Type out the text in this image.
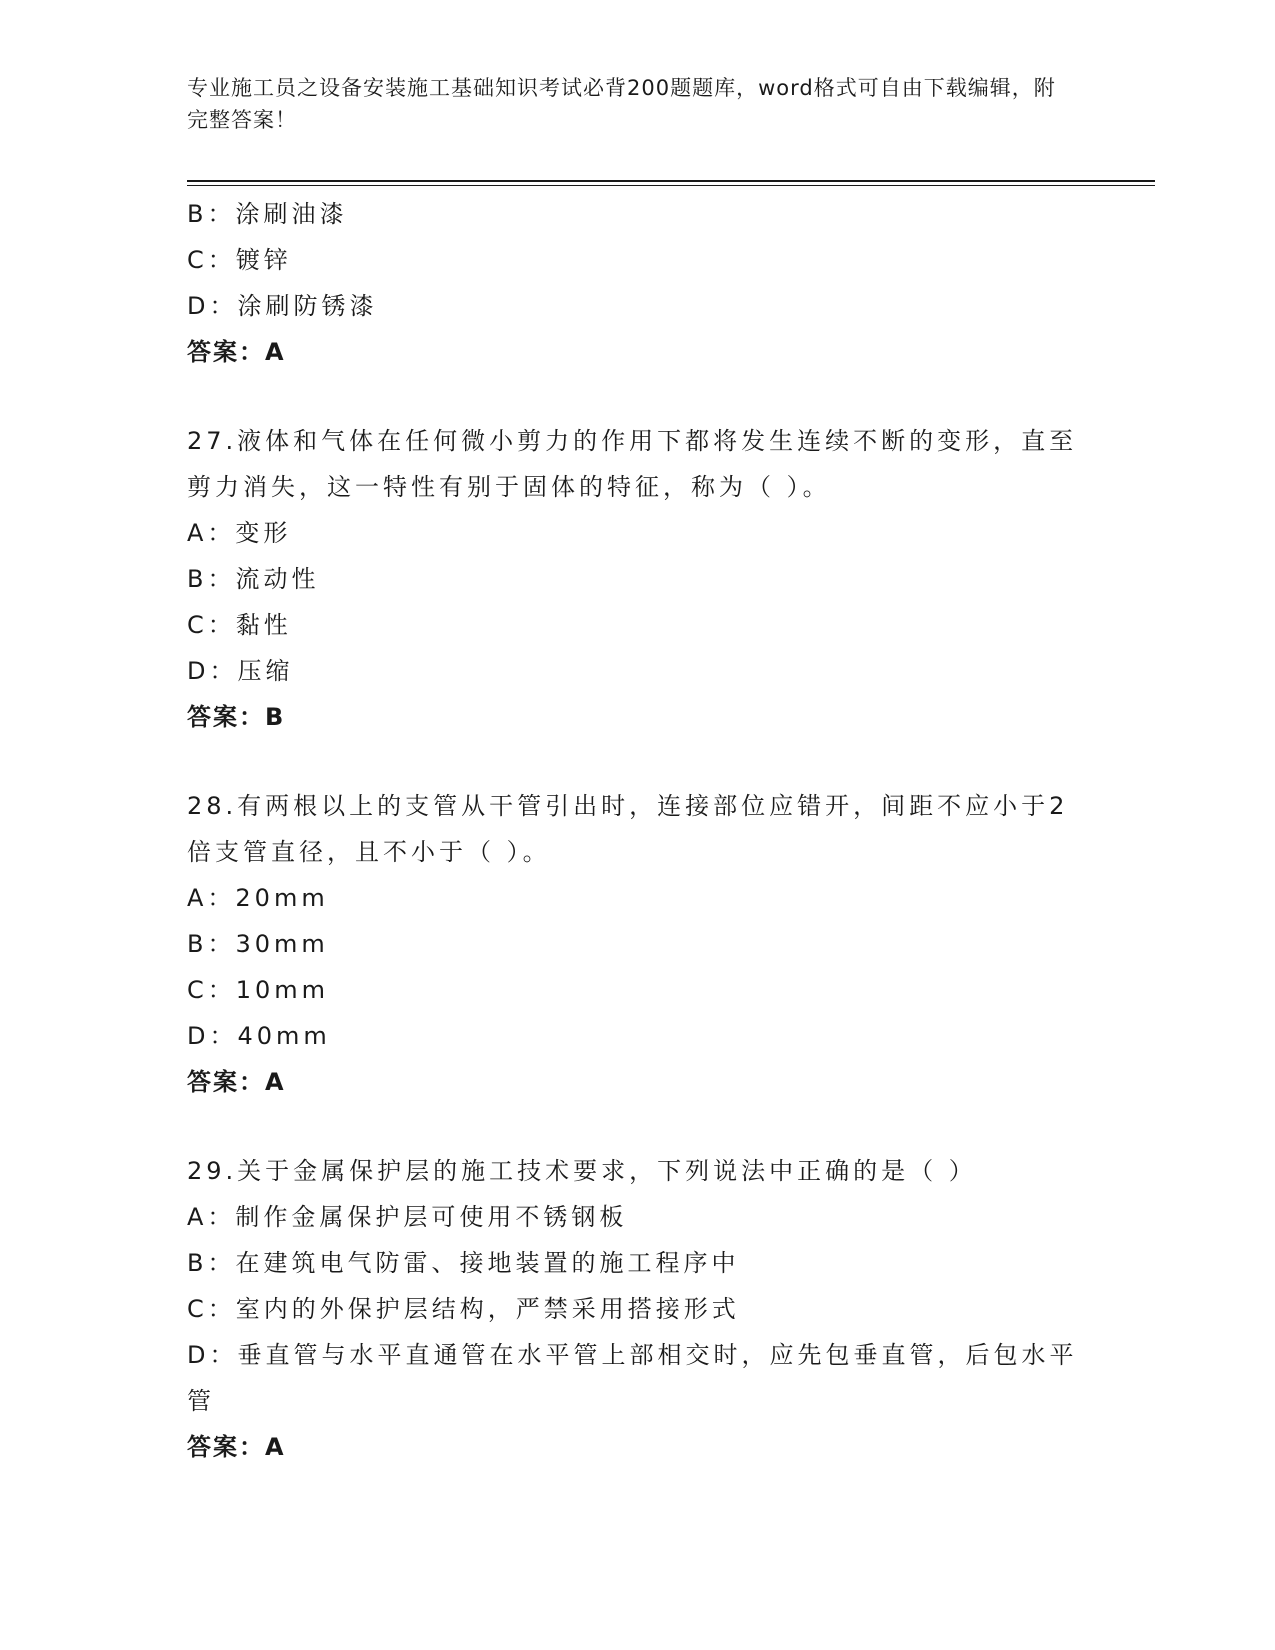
专业施工员之设备安装施工基础知识考试必背200题题库，word格式可自由下载编辑，附完整答案！
B：涂刷油漆
C：镀锌
D：涂刷防锈漆
答案：A
27.液体和气体在任何微小剪力的作用下都将发生连续不断的变形，直至剪力消失，这一特性有别于固体的特征，称为（ ）。
A：变形
B：流动性
C：黏性
D：压缩
答案：B
28.有两根以上的支管从干管引出时，连接部位应错开，间距不应小于2倍支管直径，且不小于（ ）。
A：20mm
B：30mm
C：10mm
D：40mm
答案：A
29.关于金属保护层的施工技术要求，下列说法中正确的是（ ）
A：制作金属保护层可使用不锈钢板
B：在建筑电气防雷、接地装置的施工程序中
C：室内的外保护层结构，严禁采用搭接形式
D：垂直管与水平直通管在水平管上部相交时，应先包垂直管，后包水平管
答案：A
